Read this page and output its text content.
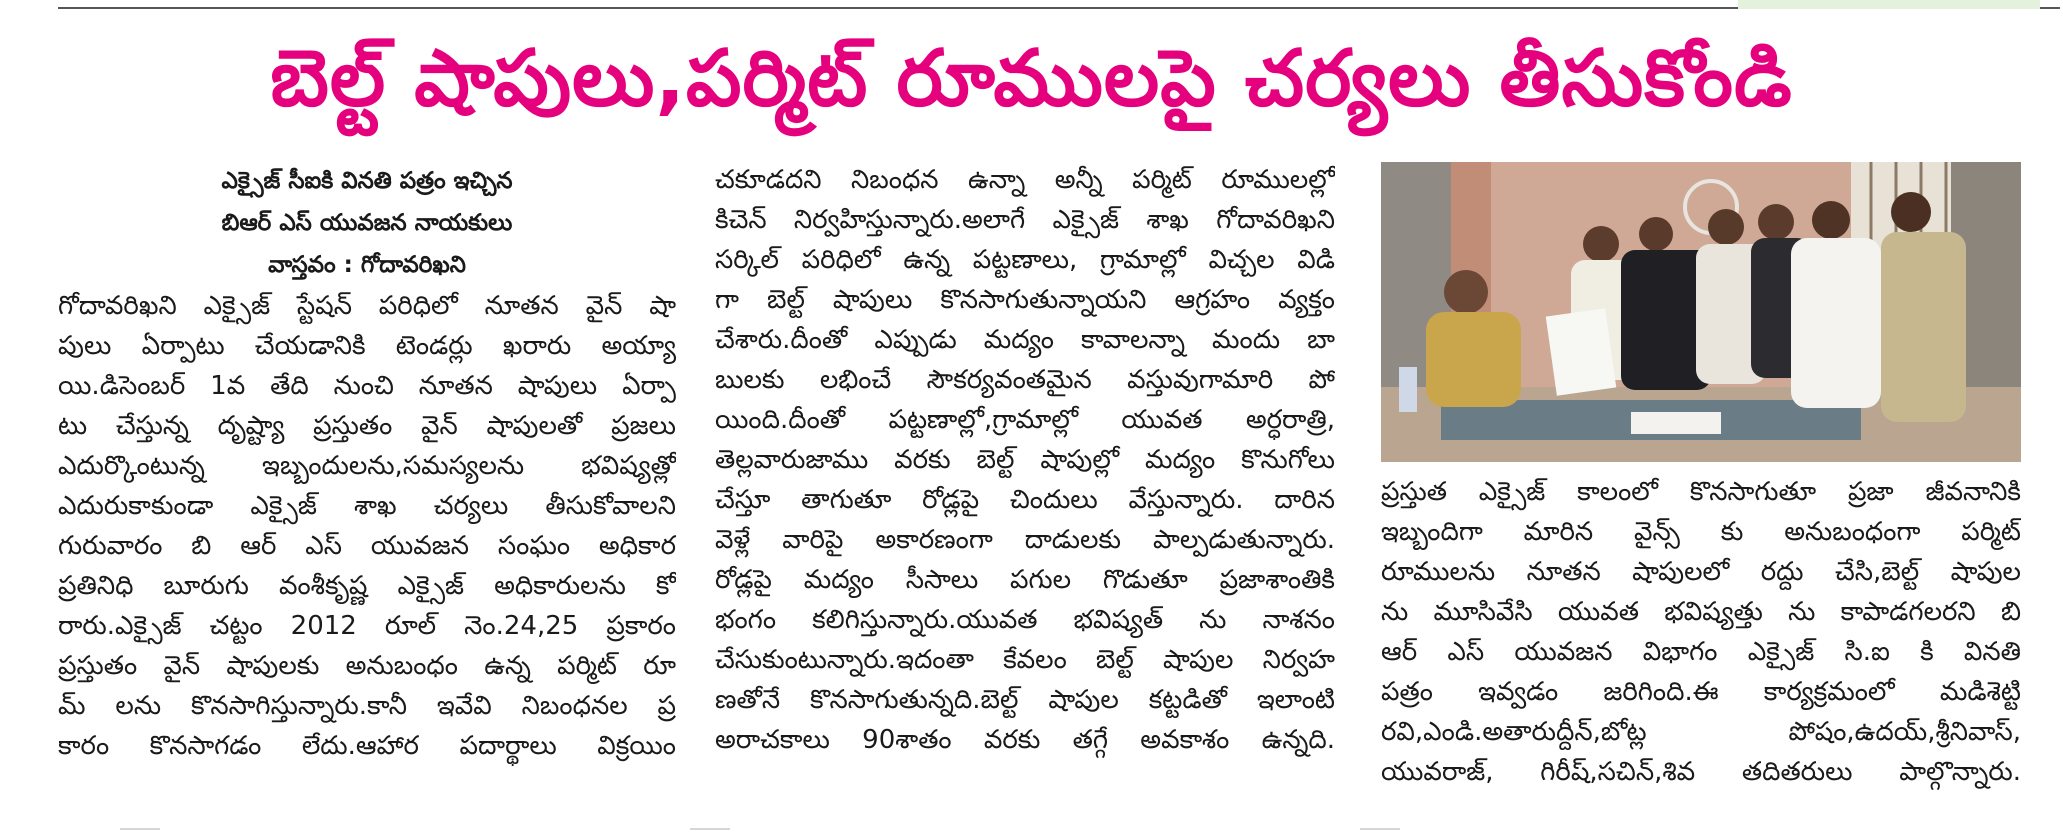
బెల్ట్ షాపులు,పర్మిట్ రూములపై చర్యలు తీసుకోండి

ఎక్సైజ్ సీఐకి వినతి పత్రం ఇచ్చిన

బిఆర్ ఎస్ యువజన నాయకులు

వాస్తవం : గోదావరిఖని

గోదావరిఖని ఎక్సైజ్ స్టేషన్ పరిధిలో నూతన వైన్ షా

పులు ఏర్పాటు చేయడానికి టెండర్లు ఖరారు అయ్యా

యి.డిసెంబర్ 1వ తేది నుంచి నూతన షాపులు ఏర్పా

టు చేస్తున్న దృష్ట్యా ప్రస్తుతం వైన్ షాపులతో ప్రజలు

ఎదుర్కొంటున్న ఇబ్బందులను,సమస్యలను భవిష్యత్లో

ఎదురుకాకుండా ఎక్సైజ్ శాఖ చర్యలు తీసుకోవాలని

గురువారం బి ఆర్ ఎస్ యువజన సంఘం అధికార

ప్రతినిధి బూరుగు వంశీకృష్ణ ఎక్సైజ్ అధికారులను కో

రారు.ఎక్సైజ్ చట్టం 2012 రూల్ నెం.24,25 ప్రకారం

ప్రస్తుతం వైన్ షాపులకు అనుబంధం ఉన్న పర్మిట్ రూ

మ్ లను కొనసాగిస్తున్నారు.కానీ ఇవేవి నిబంధనల ప్ర

కారం కొనసాగడం లేదు.ఆహార పదార్థాలు విక్రయిం

చకూడదని నిబంధన ఉన్నా అన్నీ పర్మిట్ రూములల్లో

కిచెన్ నిర్వహిస్తున్నారు.అలాగే ఎక్సైజ్ శాఖ గోదావరిఖని

సర్కిల్ పరిధిలో ఉన్న పట్టణాలు, గ్రామాల్లో విచ్చల విడి

గా బెల్ట్ షాపులు కొనసాగుతున్నాయని ఆగ్రహం వ్యక్తం

చేశారు.దీంతో ఎప్పుడు మద్యం కావాలన్నా మందు బా

బులకు లభించే సౌకర్యవంతమైన వస్తువుగామారి పో

యింది.దీంతో పట్టణాల్లో,గ్రామాల్లో యువత అర్ధరాత్రి,

తెల్లవారుజాము వరకు బెల్ట్ షాపుల్లో మద్యం కొనుగోలు

చేస్తూ తాగుతూ రోడ్లపై చిందులు వేస్తున్నారు. దారిన

వెళ్లే వారిపై అకారణంగా దాడులకు పాల్పడుతున్నారు.

రోడ్లపై మద్యం సీసాలు పగుల గొడుతూ ప్రజాశాంతికి

భంగం కలిగిస్తున్నారు.యువత భవిష్యత్ ను నాశనం

చేసుకుంటున్నారు.ఇదంతా కేవలం బెల్ట్ షాపుల నిర్వహ

ణతోనే కొనసాగుతున్నది.బెల్ట్ షాపుల కట్టడితో ఇలాంటి

అరాచకాలు 90శాతం వరకు తగ్గే అవకాశం ఉన్నది.

ప్రస్తుత ఎక్సైజ్ కాలంలో కొనసాగుతూ ప్రజా జీవనానికి

ఇబ్బందిగా మారిన వైన్స్ కు అనుబంధంగా పర్మిట్

రూములను నూతన షాపులలో రద్దు చేసి,బెల్ట్ షాపుల

ను మూసివేసి యువత భవిష్యత్తు ను కాపాడగలరని బి

ఆర్ ఎస్ యువజన విభాగం ఎక్సైజ్ సి.ఐ కి వినతి

పత్రం ఇవ్వడం జరిగింది.ఈ కార్యక్రమంలో మడిశెట్టి

రవి,ఎండి.అతారుద్దీన్,బోట్ల పోషం,ఉదయ్,శ్రీనివాస్,

యువరాజ్, గిరీష్,సచిన్,శివ తదితరులు పాల్గొన్నారు.
